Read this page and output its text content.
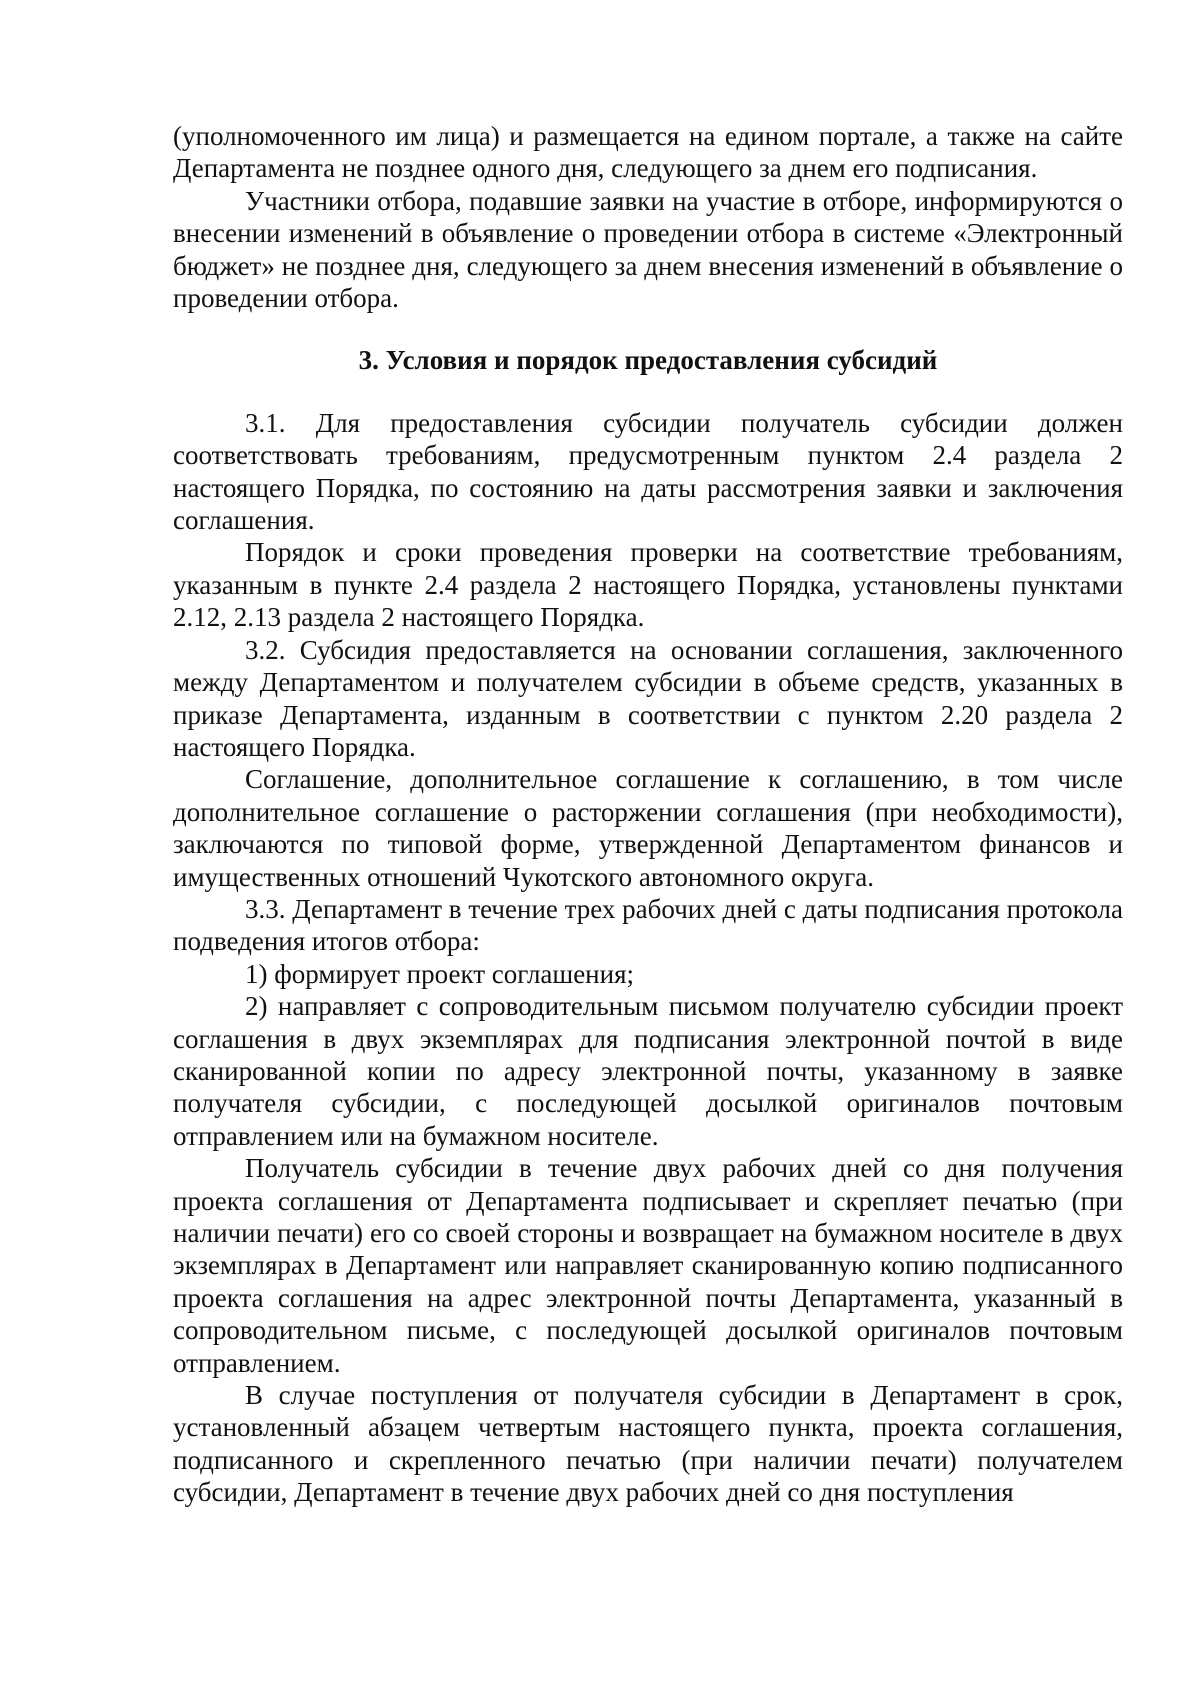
(уполномоченного им лица) и размещается на едином портале, а также на сайте Департамента не позднее одного дня, следующего за днем его подписания.

Участники отбора, подавшие заявки на участие в отборе, информируются о внесении изменений в объявление о проведении отбора в системе «Электронный бюджет» не позднее дня, следующего за днем внесения изменений в объявление о проведении отбора.

3. Условия и порядок предоставления субсидий

3.1. Для предоставления субсидии получатель субсидии должен соответствовать требованиям, предусмотренным пунктом 2.4 раздела 2 настоящего Порядка, по состоянию на даты рассмотрения заявки и заключения соглашения.

Порядок и сроки проведения проверки на соответствие требованиям, указанным в пункте 2.4 раздела 2 настоящего Порядка, установлены пунктами 2.12, 2.13 раздела 2 настоящего Порядка.

3.2. Субсидия предоставляется на основании соглашения, заключенного между Департаментом и получателем субсидии в объеме средств, указанных в приказе Департамента, изданным в соответствии с пунктом 2.20 раздела 2 настоящего Порядка.

Соглашение, дополнительное соглашение к соглашению, в том числе дополнительное соглашение о расторжении соглашения (при необходимости), заключаются по типовой форме, утвержденной Департаментом финансов и имущественных отношений Чукотского автономного округа.

3.3. Департамент в течение трех рабочих дней с даты подписания протокола подведения итогов отбора:

1) формирует проект соглашения;

2) направляет с сопроводительным письмом получателю субсидии проект соглашения в двух экземплярах для подписания электронной почтой в виде сканированной копии по адресу электронной почты, указанному в заявке получателя субсидии, с последующей досылкой оригиналов почтовым отправлением или на бумажном носителе.

Получатель субсидии в течение двух рабочих дней со дня получения проекта соглашения от Департамента подписывает и скрепляет печатью (при наличии печати) его со своей стороны и возвращает на бумажном носителе в двух экземплярах в Департамент или направляет сканированную копию подписанного проекта соглашения на адрес электронной почты Департамента, указанный в сопроводительном письме, с последующей досылкой оригиналов почтовым отправлением.

В случае поступления от получателя субсидии в Департамент в срок, установленный абзацем четвертым настоящего пункта, проекта соглашения, подписанного и скрепленного печатью (при наличии печати) получателем субсидии, Департамент в течение двух рабочих дней со дня поступления
